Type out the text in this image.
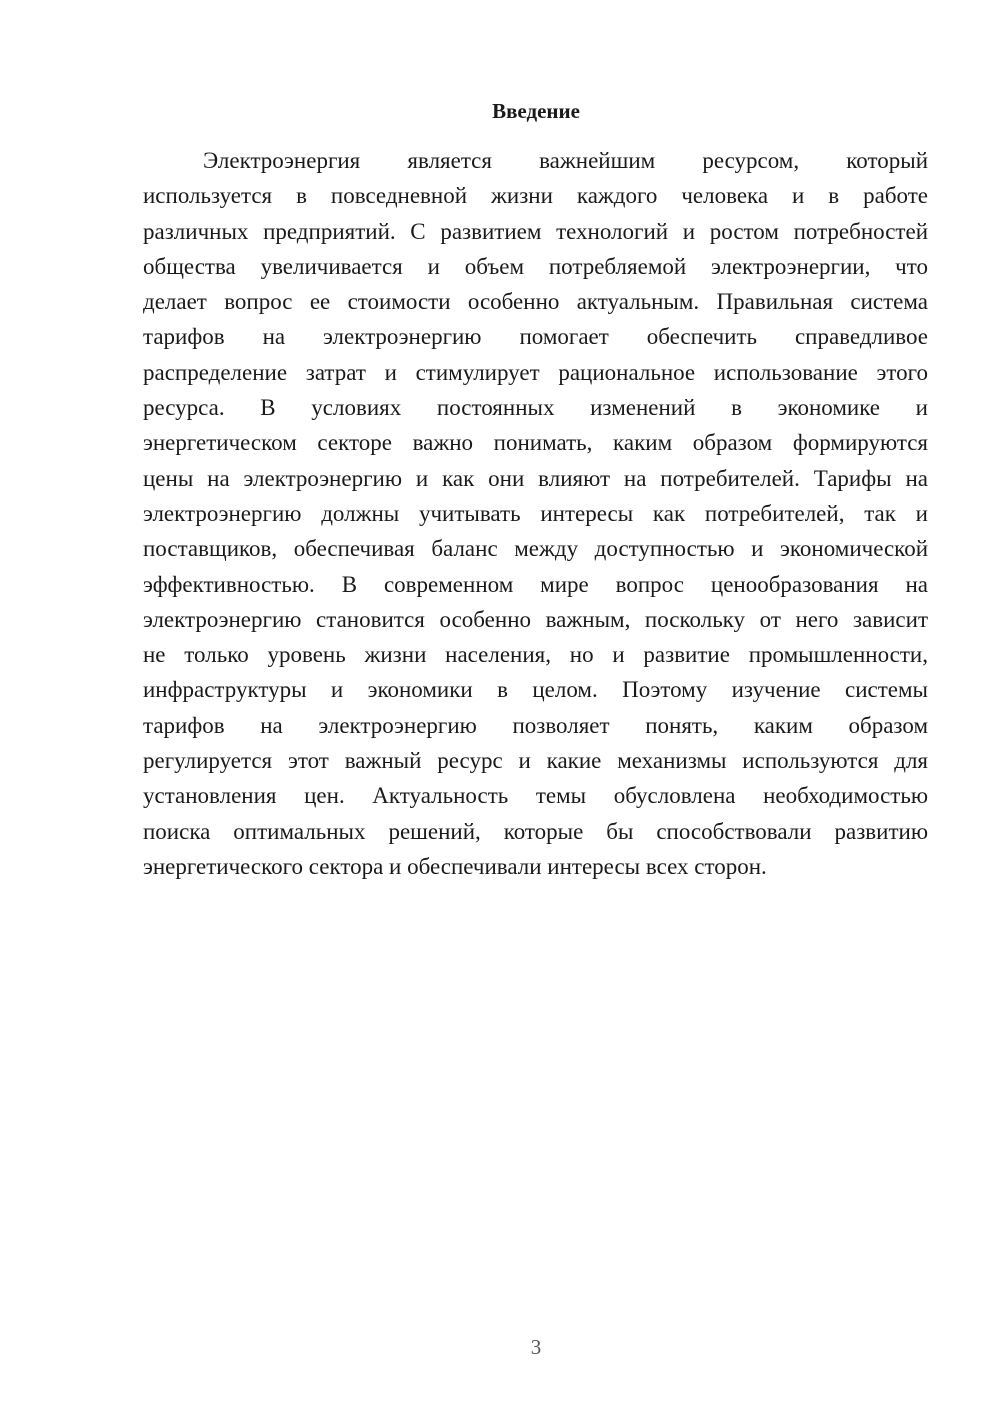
Введение
Электроэнергия является важнейшим ресурсом, который
используется в повседневной жизни каждого человека и в работе
различных предприятий. С развитием технологий и ростом потребностей
общества увеличивается и объем потребляемой электроэнергии, что
делает вопрос ее стоимости особенно актуальным. Правильная система
тарифов на электроэнергию помогает обеспечить справедливое
распределение затрат и стимулирует рациональное использование этого
ресурса. В условиях постоянных изменений в экономике и
энергетическом секторе важно понимать, каким образом формируются
цены на электроэнергию и как они влияют на потребителей. Тарифы на
электроэнергию должны учитывать интересы как потребителей, так и
поставщиков, обеспечивая баланс между доступностью и экономической
эффективностью. В современном мире вопрос ценообразования на
электроэнергию становится особенно важным, поскольку от него зависит
не только уровень жизни населения, но и развитие промышленности,
инфраструктуры и экономики в целом. Поэтому изучение системы
тарифов на электроэнергию позволяет понять, каким образом
регулируется этот важный ресурс и какие механизмы используются для
установления цен. Актуальность темы обусловлена необходимостью
поиска оптимальных решений, которые бы способствовали развитию
энергетического сектора и обеспечивали интересы всех сторон.
3
